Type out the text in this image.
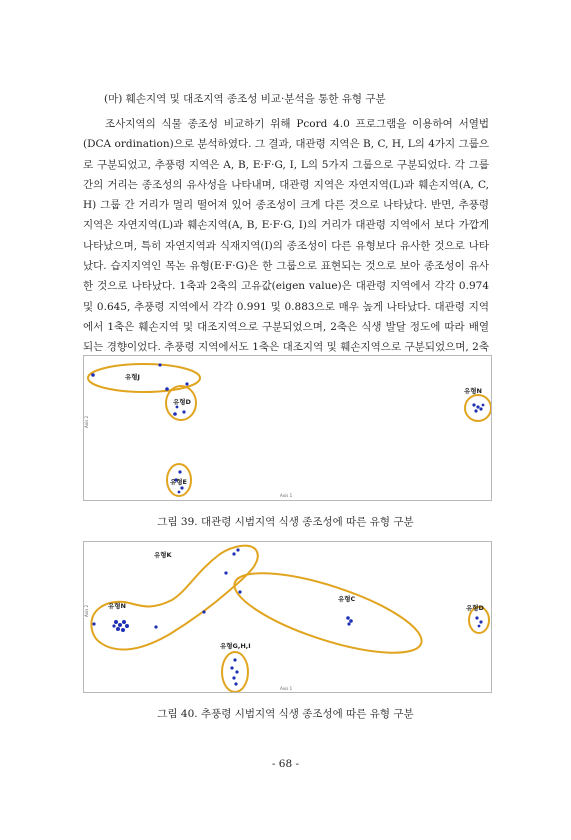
(마) 훼손지역 및 대조지역 종조성 비교·분석을 통한 유형 구분

조사지역의 식물 종조성 비교하기 위해 Pcord 4.0 프로그램을 이용하여 서열법(DCA ordination)으로 분석하였다. 그 결과, 대관령 지역은 B, C, H, L의 4가지 그룹으로 구분되었고, 추풍령 지역은 A, B, E·F·G, I, L의 5가지 그룹으로 구분되었다. 각 그룹간의 거리는 종조성의 유사성을 나타내며, 대관령 지역은 자연지역(L)과 훼손지역(A, C, H) 그룹 간 거리가 멀리 떨어져 있어 종조성이 크게 다른 것으로 나타났다. 반면, 추풍령 지역은 자연지역(L)과 훼손지역(A, B, E·F·G, I)의 거리가 대관령 지역에서 보다 가깝게 나타났으며, 특히 자연지역과 식재지역(I)의 종조성이 다른 유형보다 유사한 것으로 나타났다. 습지지역인 목논 유형(E·F·G)은 한 그룹으로 표현되는 것으로 보아 종조성이 유사한 것으로 나타났다. 1축과 2축의 고유값(eigen value)은 대관령 지역에서 각각 0.974 및 0.645, 추풍령 지역에서 각각 0.991 및 0.883으로 매우 높게 나타났다. 대관령 지역에서 1축은 훼손지역 및 대조지역으로 구분되었으며, 2축은 식생 발달 정도에 따라 배열되는 경향이었다. 추풍령 지역에서도 1축은 대조지역 및 훼손지역으로 구분되었으며, 2축

유형J
유형D
유형N
유형E
Axis 1
Axis 2
그림 39. 대관령 시범지역 식생 종조성에 따른 유형 구분
유형K
유형N
유형C
유형D
유형G,H,I
Axis 1
Axis 2
그림 40. 추풍령 시범지역 식생 종조성에 따른 유형 구분
- 68 -
